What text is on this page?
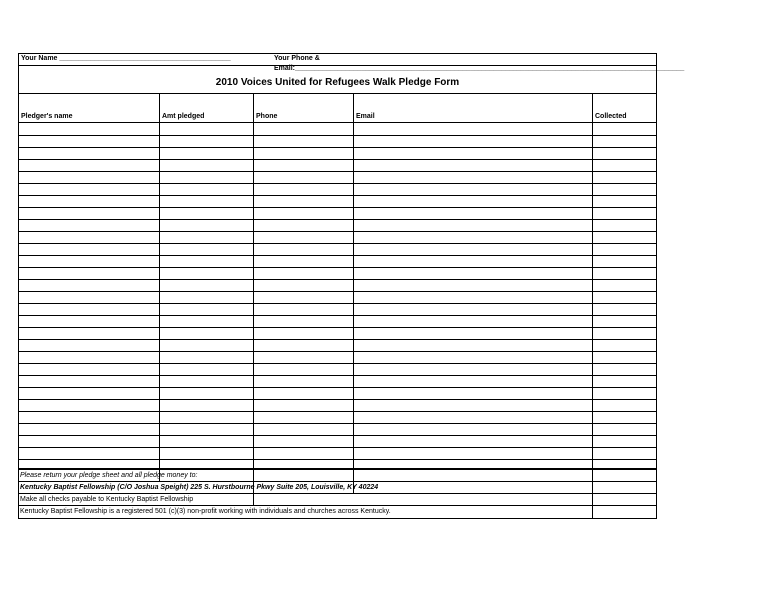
Your Name ____________________________________________	Your Phone & Email:____________________________________________________________________________________________________
2010 Voices United for Refugees Walk Pledge Form
Pledger's name	Amt pledged	Phone	Email	Collected
Please return your pledge sheet and all pledge money to:
Kentucky Baptist Fellowship (C/O Joshua Speight) 225 S. Hurstbourne Pkwy Suite 205, Louisville, KY 40224
Make all checks payable to Kentucky Baptist Fellowship
Kentucky Baptist Fellowship is a registered 501 (c)(3) non-profit working with individuals and churches across Kentucky.
